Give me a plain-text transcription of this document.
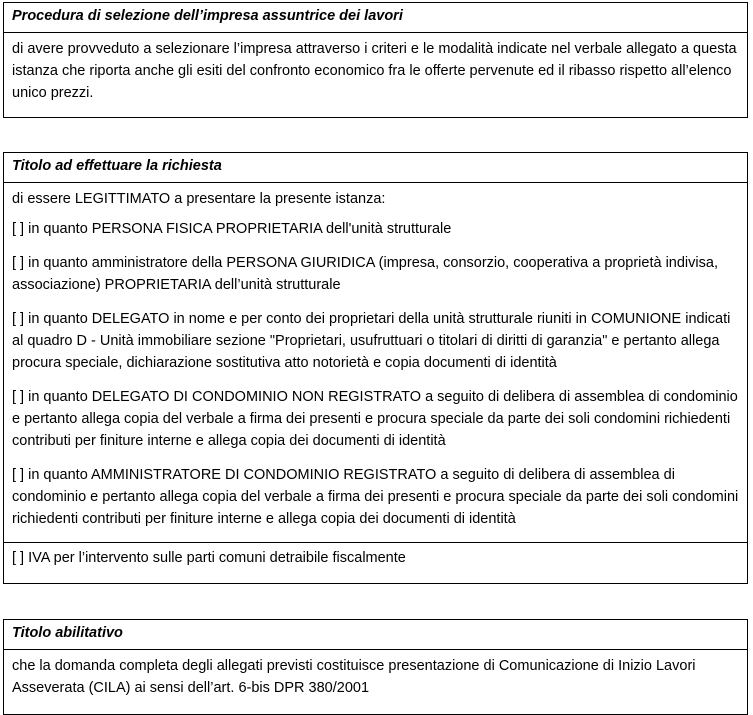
Procedura di selezione dell’impresa assuntrice dei lavori

di avere provveduto a selezionare l’impresa attraverso i criteri e le modalità indicate nel verbale allegato a questa istanza che riporta anche gli esiti del confronto economico fra le offerte pervenute ed il ribasso rispetto all’elenco unico prezzi.

Titolo ad effettuare la richiesta

di essere LEGITTIMATO a presentare la presente istanza:

[ ] in quanto PERSONA FISICA PROPRIETARIA dell'unità strutturale

[ ] in quanto amministratore della PERSONA GIURIDICA (impresa, consorzio, cooperativa a proprietà indivisa, associazione) PROPRIETARIA dell’unità strutturale

[ ] in quanto DELEGATO in nome e per conto dei proprietari della unità strutturale riuniti in COMUNIONE indicati al quadro D - Unità immobiliare sezione "Proprietari, usufruttuari o titolari di diritti di garanzia" e pertanto allega procura speciale, dichiarazione sostitutiva atto notorietà e copia documenti di identità

[ ] in quanto DELEGATO DI CONDOMINIO NON REGISTRATO a seguito di delibera di assemblea di condominio e pertanto allega copia del verbale a firma dei presenti e procura speciale da parte dei soli condomini richiedenti contributi per finiture interne e allega copia dei documenti di identità

[ ] in quanto AMMINISTRATORE DI CONDOMINIO REGISTRATO a seguito di delibera di assemblea di condominio e pertanto allega copia del verbale a firma dei presenti e procura speciale da parte dei soli condomini richiedenti contributi per finiture interne e allega copia dei documenti di identità

[ ] IVA per l’intervento sulle parti comuni detraibile fiscalmente

Titolo abilitativo

che la domanda completa degli allegati previsti costituisce presentazione di Comunicazione di Inizio Lavori Asseverata (CILA) ai sensi dell’art. 6-bis DPR 380/2001
